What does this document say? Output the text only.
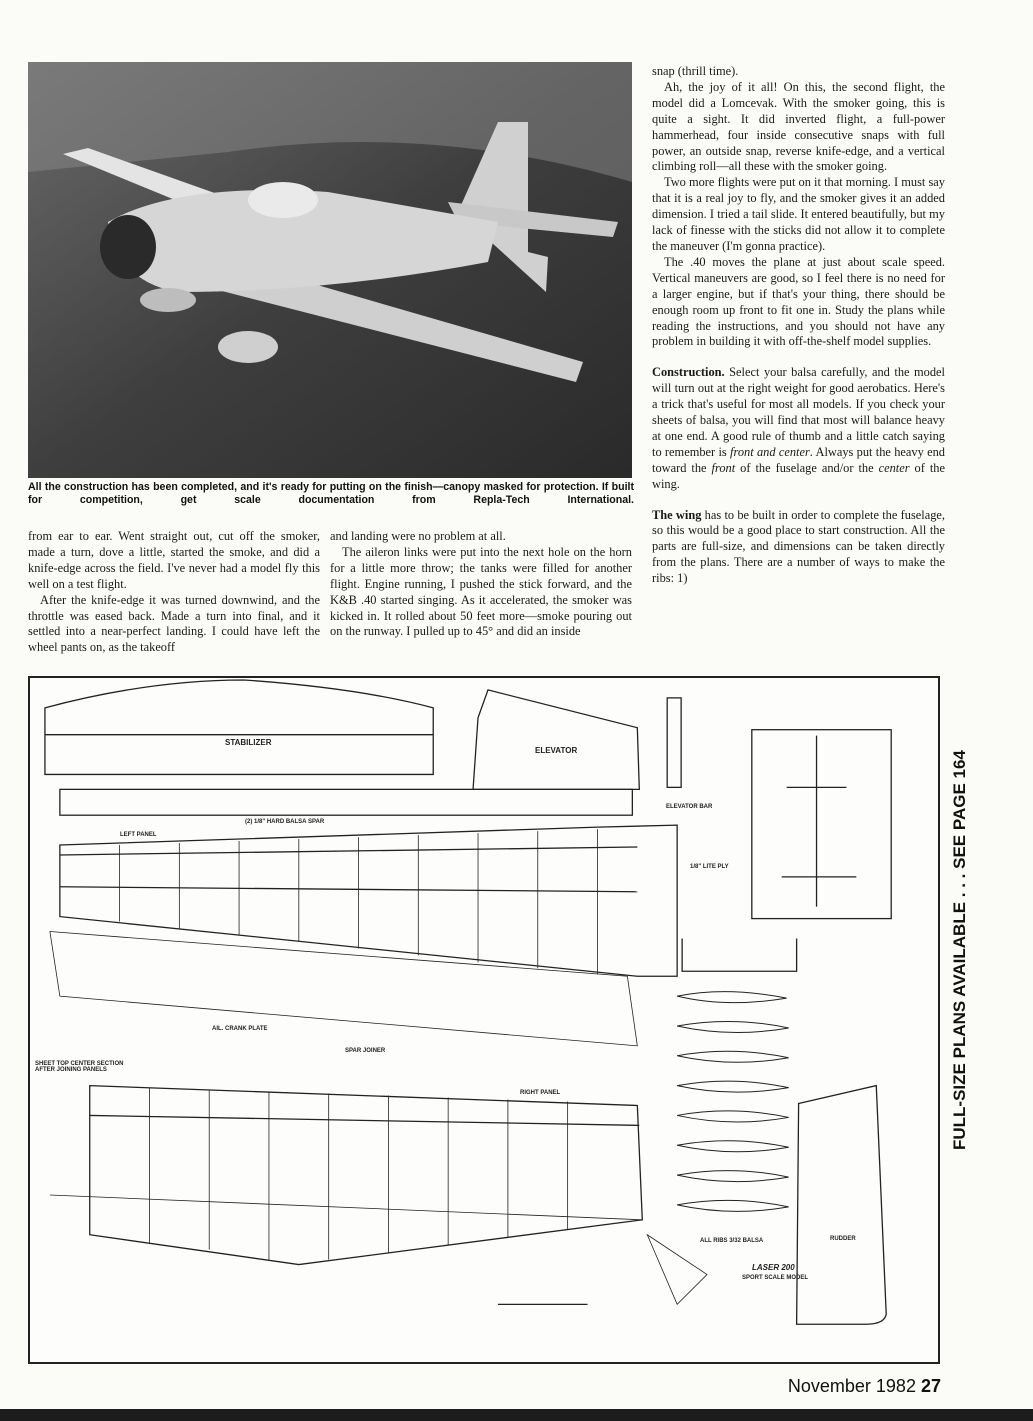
All the construction has been completed, and it's ready for putting on the finish—canopy masked for protection. If built for competition, get scale documentation from Repla-Tech International.

from ear to ear. Went straight out, cut off the smoker, made a turn, dove a little, started the smoke, and did a knife-edge across the field. I've never had a model fly this well on a test flight.

After the knife-edge it was turned downwind, and the throttle was eased back. Made a turn into final, and it settled into a near-perfect landing. I could have left the wheel pants on, as the takeoff

and landing were no problem at all.

The aileron links were put into the next hole on the horn for a little more throw; the tanks were filled for another flight. Engine running, I pushed the stick forward, and the K&B .40 started singing. As it accelerated, the smoker was kicked in. It rolled about 50 feet more—smoke pouring out on the runway. I pulled up to 45° and did an inside

snap (thrill time).

Ah, the joy of it all! On this, the second flight, the model did a Lomcevak. With the smoker going, this is quite a sight. It did inverted flight, a full-power hammerhead, four inside consecutive snaps with full power, an outside snap, reverse knife-edge, and a vertical climbing roll—all these with the smoker going.

Two more flights were put on it that morning. I must say that it is a real joy to fly, and the smoker gives it an added dimension. I tried a tail slide. It entered beautifully, but my lack of finesse with the sticks did not allow it to complete the maneuver (I'm gonna practice).

The .40 moves the plane at just about scale speed. Vertical maneuvers are good, so I feel there is no need for a larger engine, but if that's your thing, there should be enough room up front to fit one in. Study the plans while reading the instructions, and you should not have any problem in building it with off-the-shelf model supplies.

Construction. Select your balsa carefully, and the model will turn out at the right weight for good aerobatics. Here's a trick that's useful for most all models. If you check your sheets of balsa, you will find that most will balance heavy at one end. A good rule of thumb and a little catch saying to remember is front and center. Always put the heavy end toward the front of the fuselage and/or the center of the wing.

The wing has to be built in order to complete the fuselage, so this would be a good place to start construction. All the parts are full-size, and dimensions can be taken directly from the plans. There are a number of ways to make the ribs: 1)

STABILIZER
ELEVATOR
ELEVATOR BAR
(2) 1/8" HARD BALSA SPAR
LEFT PANEL
1/8" LITE PLY
AIL. CRANK PLATE
SPAR JOINER
SHEET TOP CENTER SECTION AFTER JOINING PANELS
RIGHT PANEL
ALL RIBS 3/32 BALSA
LASER 200
SPORT SCALE MODEL
RUDDER
FULL-SIZE PLANS AVAILABLE . . . SEE PAGE 164
November 1982 27
